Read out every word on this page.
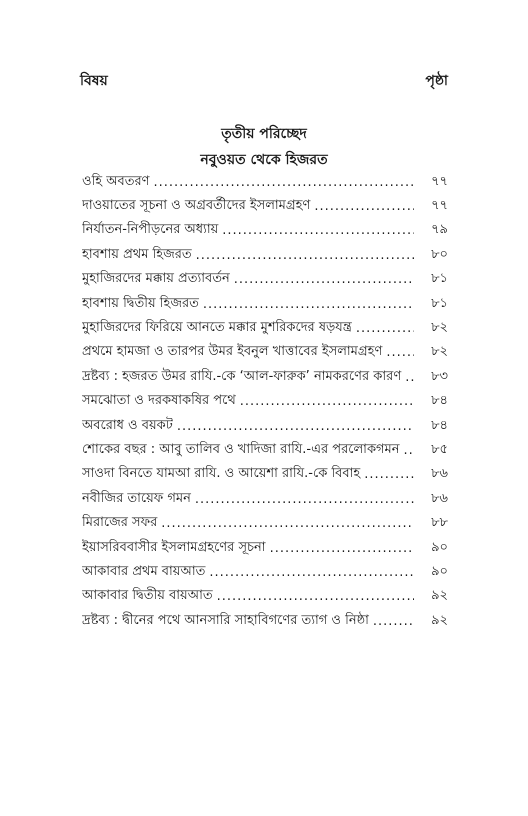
বিষয়	পৃষ্ঠা
তৃতীয় পরিচ্ছেদ
নবুওয়ত থেকে হিজরত
ওহি অবতরণ .....	৭৭
দাওয়াতের সূচনা ও অগ্রবর্তীদের ইসলামগ্রহণ .....	৭৭
নির্যাতন-নিপীড়নের অধ্যায় .....	৭৯
হাবশায় প্রথম হিজরত .....	৮০
মুহাজিরদের মক্কায় প্রত্যাবর্তন .....	৮১
হাবশায় দ্বিতীয় হিজরত .....	৮১
মুহাজিরদের ফিরিয়ে আনতে মক্কার মুশরিকদের ষড়যন্ত্র .....	৮২
প্রথমে হামজা ও তারপর উমর ইবনুল খাত্তাবের ইসলামগ্রহণ .....	৮২
দ্রষ্টব্য : হজরত উমর রাযি.-কে ‘আল-ফারুক’ নামকরণের কারণ .....	৮৩
সমঝোতা ও দরকষাকষির পথে .....	৮৪
অবরোধ ও বয়কট .....	৮৪
শোকের বছর : আবু তালিব ও খাদিজা রাযি.-এর পরলোকগমন .....	৮৫
সাওদা বিনতে যামআ রাযি. ও আয়েশা রাযি.-কে বিবাহ .....	৮৬
নবীজির তায়েফ গমন .....	৮৬
মিরাজের সফর .....	৮৮
ইয়াসরিববাসীর ইসলামগ্রহণের সূচনা .....	৯০
আকাবার প্রথম বায়আত .....	৯০
আকাবার দ্বিতীয় বায়আত .....	৯২
দ্রষ্টব্য : দ্বীনের পথে আনসারি সাহাবিগণের ত্যাগ ও নিষ্ঠা .....	৯২
